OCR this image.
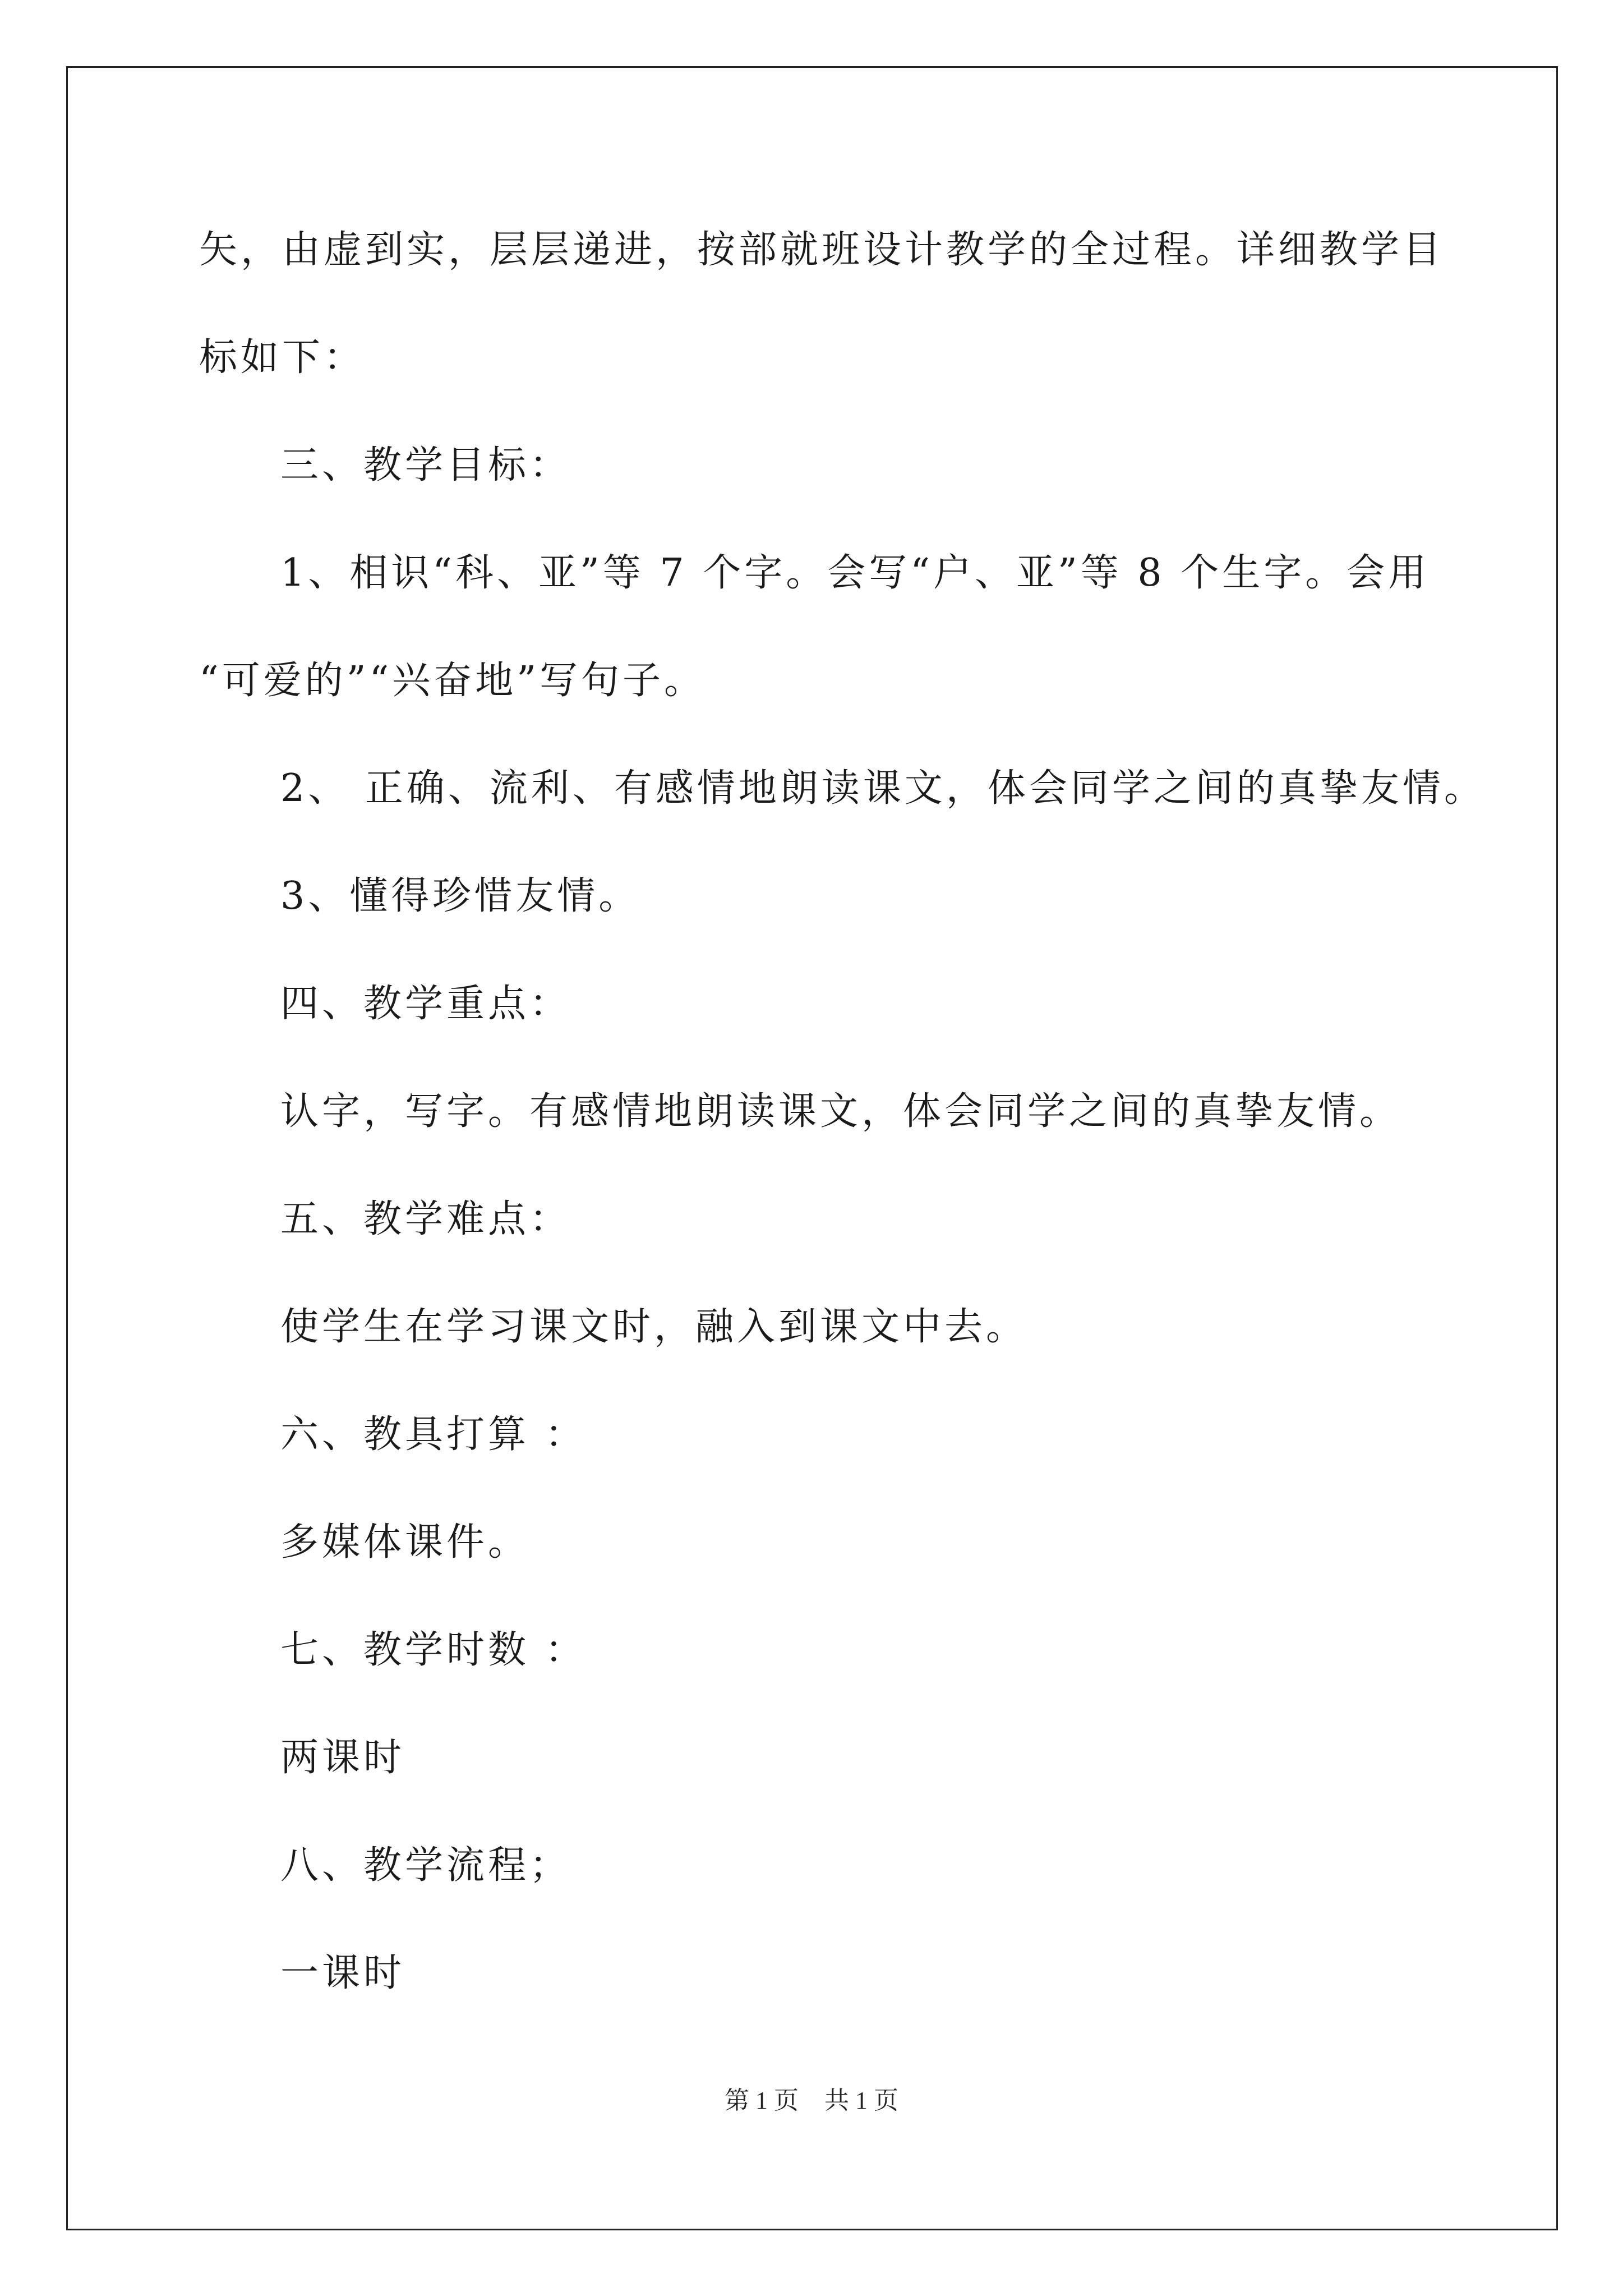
矢，由虚到实，层层递进，按部就班设计教学的全过程。详细教学目
标如下：
三、教学目标：
1、相识“科、亚”等 7 个字。会写“户、亚”等 8 个生字。会用
“可爱的”“兴奋地”写句子。
2、 正确、流利、有感情地朗读课文，体会同学之间的真挚友情。
3、懂得珍惜友情。
四、教学重点：
认字，写字。有感情地朗读课文，体会同学之间的真挚友情。
五、教学难点：
使学生在学习课文时，融入到课文中去。
六、教具打算 ：
多媒体课件。
七、教学时数 ：
两课时
八、教学流程；
一课时
第 1 页 共 1 页
